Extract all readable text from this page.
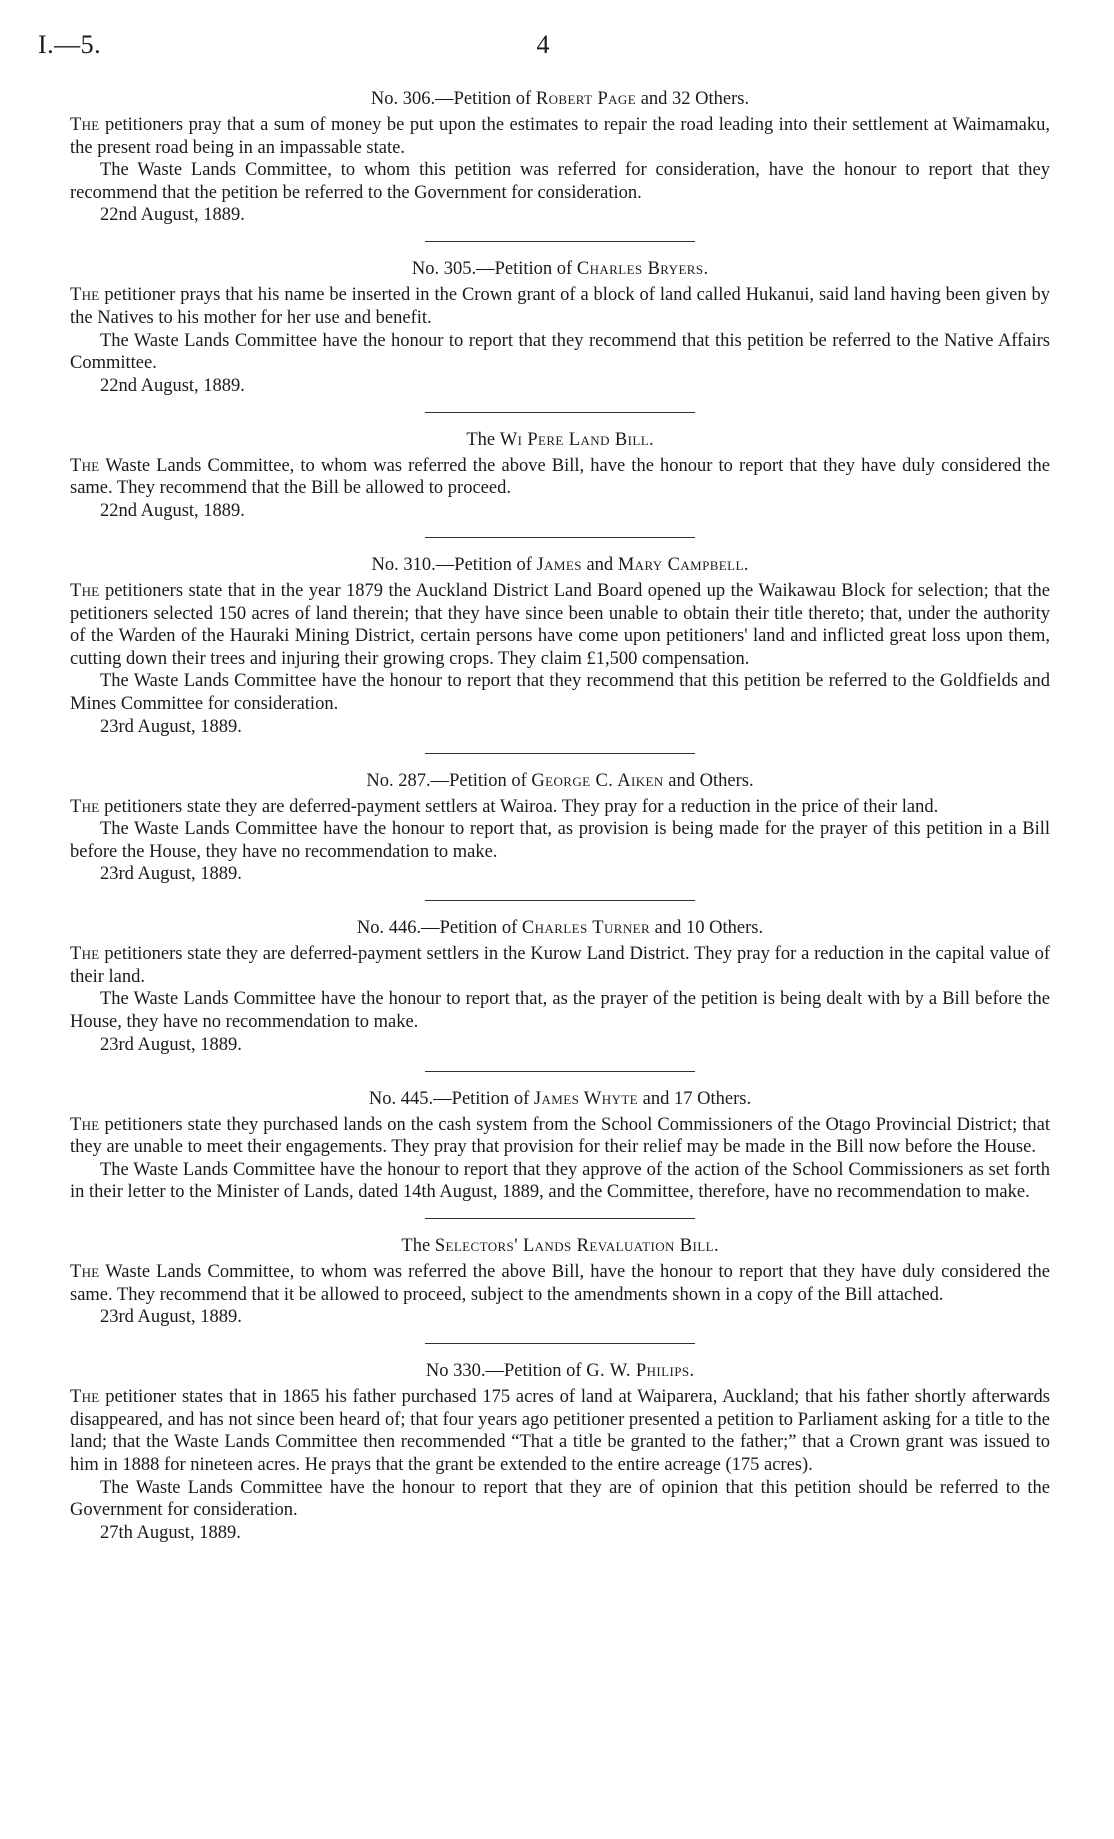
I.—5.	4

No. 306.—Petition of Robert Page and 32 Others.

The petitioners pray that a sum of money be put upon the estimates to repair the road leading into their settlement at Waimamaku, the present road being in an impassable state.

The Waste Lands Committee, to whom this petition was referred for consideration, have the honour to report that they recommend that the petition be referred to the Government for consideration.

22nd August, 1889.

No. 305.—Petition of Charles Bryers.

The petitioner prays that his name be inserted in the Crown grant of a block of land called Hukanui, said land having been given by the Natives to his mother for her use and benefit.

The Waste Lands Committee have the honour to report that they recommend that this petition be referred to the Native Affairs Committee.

22nd August, 1889.

The Wi Pere Land Bill.

The Waste Lands Committee, to whom was referred the above Bill, have the honour to report that they have duly considered the same. They recommend that the Bill be allowed to proceed.

22nd August, 1889.

No. 310.—Petition of James and Mary Campbell.

The petitioners state that in the year 1879 the Auckland District Land Board opened up the Waikawau Block for selection; that the petitioners selected 150 acres of land therein; that they have since been unable to obtain their title thereto; that, under the authority of the Warden of the Hauraki Mining District, certain persons have come upon petitioners' land and inflicted great loss upon them, cutting down their trees and injuring their growing crops. They claim £1,500 compensation.

The Waste Lands Committee have the honour to report that they recommend that this petition be referred to the Goldfields and Mines Committee for consideration.

23rd August, 1889.

No. 287.—Petition of George C. Aiken and Others.

The petitioners state they are deferred-payment settlers at Wairoa. They pray for a reduction in the price of their land.

The Waste Lands Committee have the honour to report that, as provision is being made for the prayer of this petition in a Bill before the House, they have no recommendation to make.

23rd August, 1889.

No. 446.—Petition of Charles Turner and 10 Others.

The petitioners state they are deferred-payment settlers in the Kurow Land District. They pray for a reduction in the capital value of their land.

The Waste Lands Committee have the honour to report that, as the prayer of the petition is being dealt with by a Bill before the House, they have no recommendation to make.

23rd August, 1889.

No. 445.—Petition of James Whyte and 17 Others.

The petitioners state they purchased lands on the cash system from the School Commissioners of the Otago Provincial District; that they are unable to meet their engagements. They pray that provision for their relief may be made in the Bill now before the House.

The Waste Lands Committee have the honour to report that they approve of the action of the School Commissioners as set forth in their letter to the Minister of Lands, dated 14th August, 1889, and the Committee, therefore, have no recommendation to make.

The Selectors' Lands Revaluation Bill.

The Waste Lands Committee, to whom was referred the above Bill, have the honour to report that they have duly considered the same. They recommend that it be allowed to proceed, subject to the amendments shown in a copy of the Bill attached.

23rd August, 1889.

No 330.—Petition of G. W. Philips.

The petitioner states that in 1865 his father purchased 175 acres of land at Waiparera, Auckland; that his father shortly afterwards disappeared, and has not since been heard of; that four years ago petitioner presented a petition to Parliament asking for a title to the land; that the Waste Lands Committee then recommended “That a title be granted to the father;” that a Crown grant was issued to him in 1888 for nineteen acres. He prays that the grant be extended to the entire acreage (175 acres).

The Waste Lands Committee have the honour to report that they are of opinion that this petition should be referred to the Government for consideration.

27th August, 1889.
